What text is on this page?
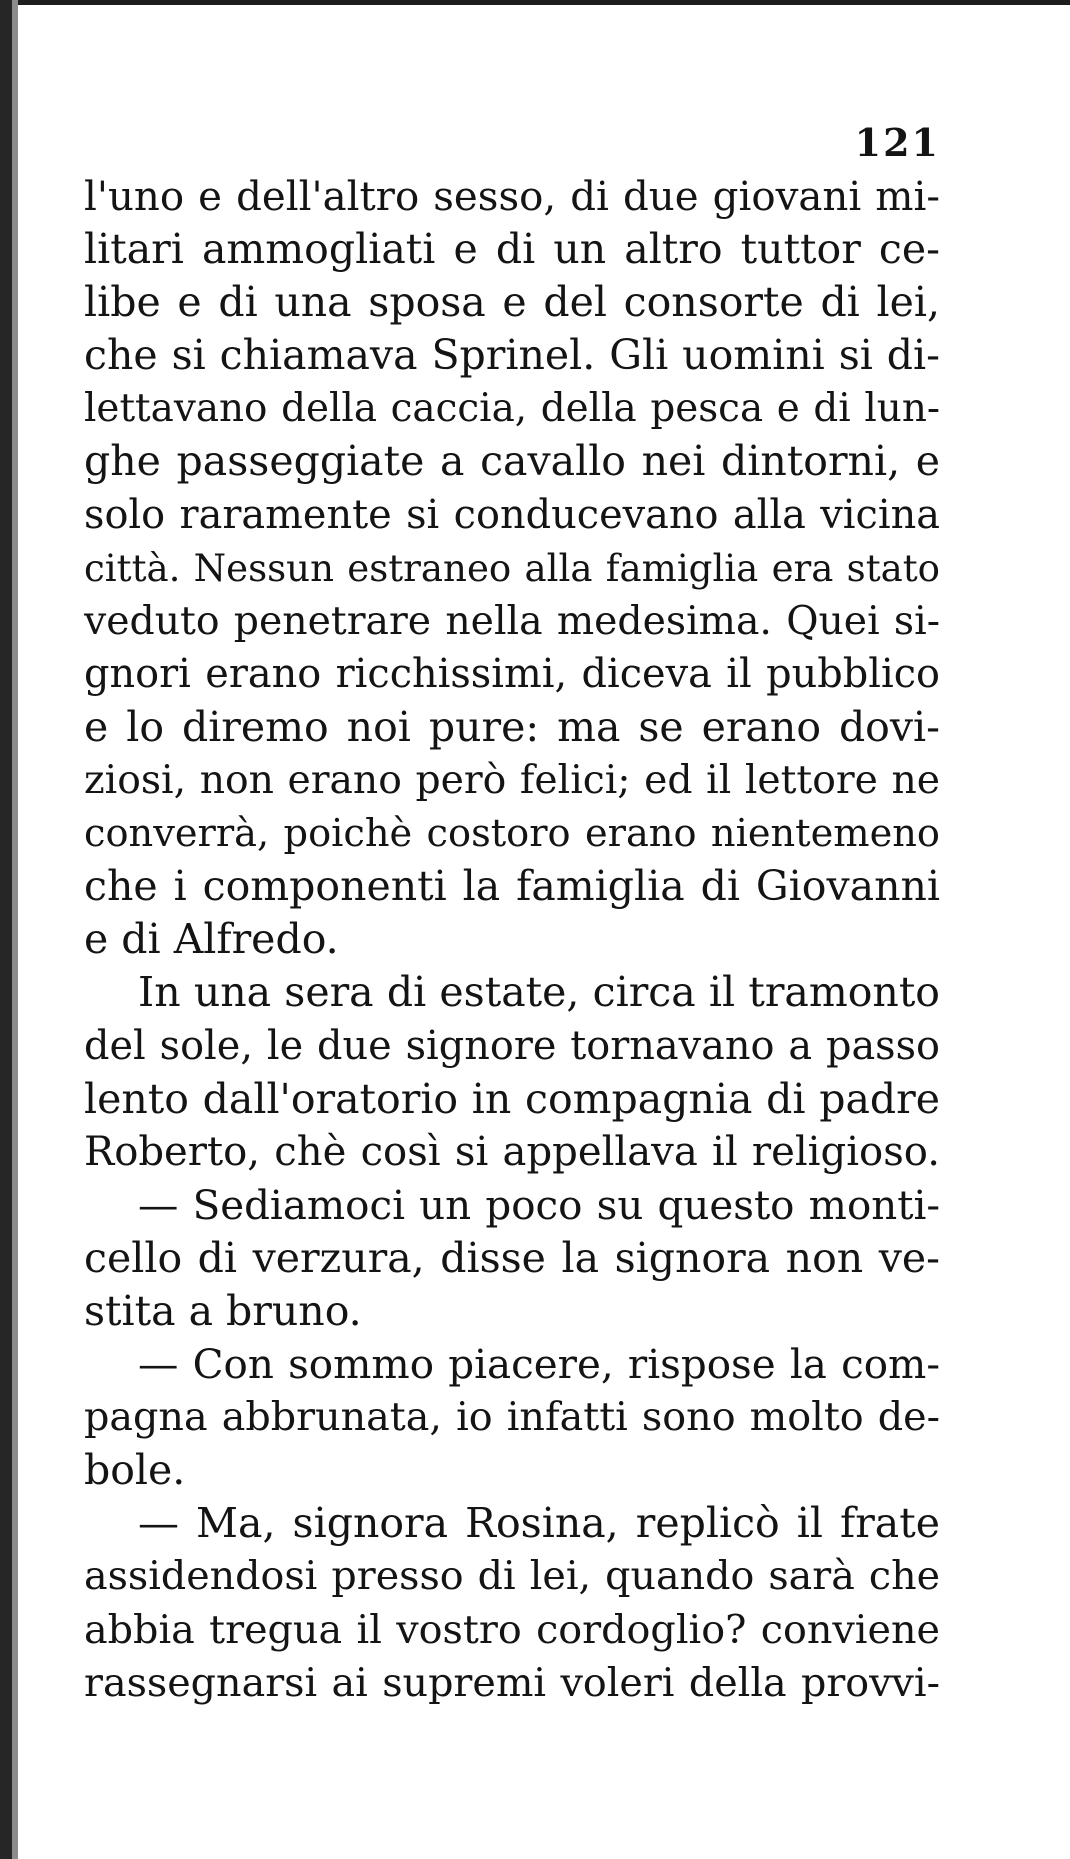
121
l'uno e dell'altro sesso, di due giovani mi-
litari ammogliati e di un altro tuttor ce-
libe e di una sposa e del consorte di lei,
che si chiamava Sprinel. Gli uomini si di-
lettavano della caccia, della pesca e di lun-
ghe passeggiate a cavallo nei dintorni, e
solo raramente si conducevano alla vicina
città. Nessun estraneo alla famiglia era stato
veduto penetrare nella medesima. Quei si-
gnori erano ricchissimi, diceva il pubblico
e lo diremo noi pure: ma se erano dovi-
ziosi, non erano però felici; ed il lettore ne
converrà, poichè costoro erano nientemeno
che i componenti la famiglia di Giovanni
e di Alfredo.
In una sera di estate, circa il tramonto
del sole, le due signore tornavano a passo
lento dall'oratorio in compagnia di padre
Roberto, chè così si appellava il religioso.
— Sediamoci un poco su questo monti-
cello di verzura, disse la signora non ve-
stita a bruno.
— Con sommo piacere, rispose la com-
pagna abbrunata, io infatti sono molto de-
bole.
— Ma, signora Rosina, replicò il frate
assidendosi presso di lei, quando sarà che
abbia tregua il vostro cordoglio? conviene
rassegnarsi ai supremi voleri della provvi-
